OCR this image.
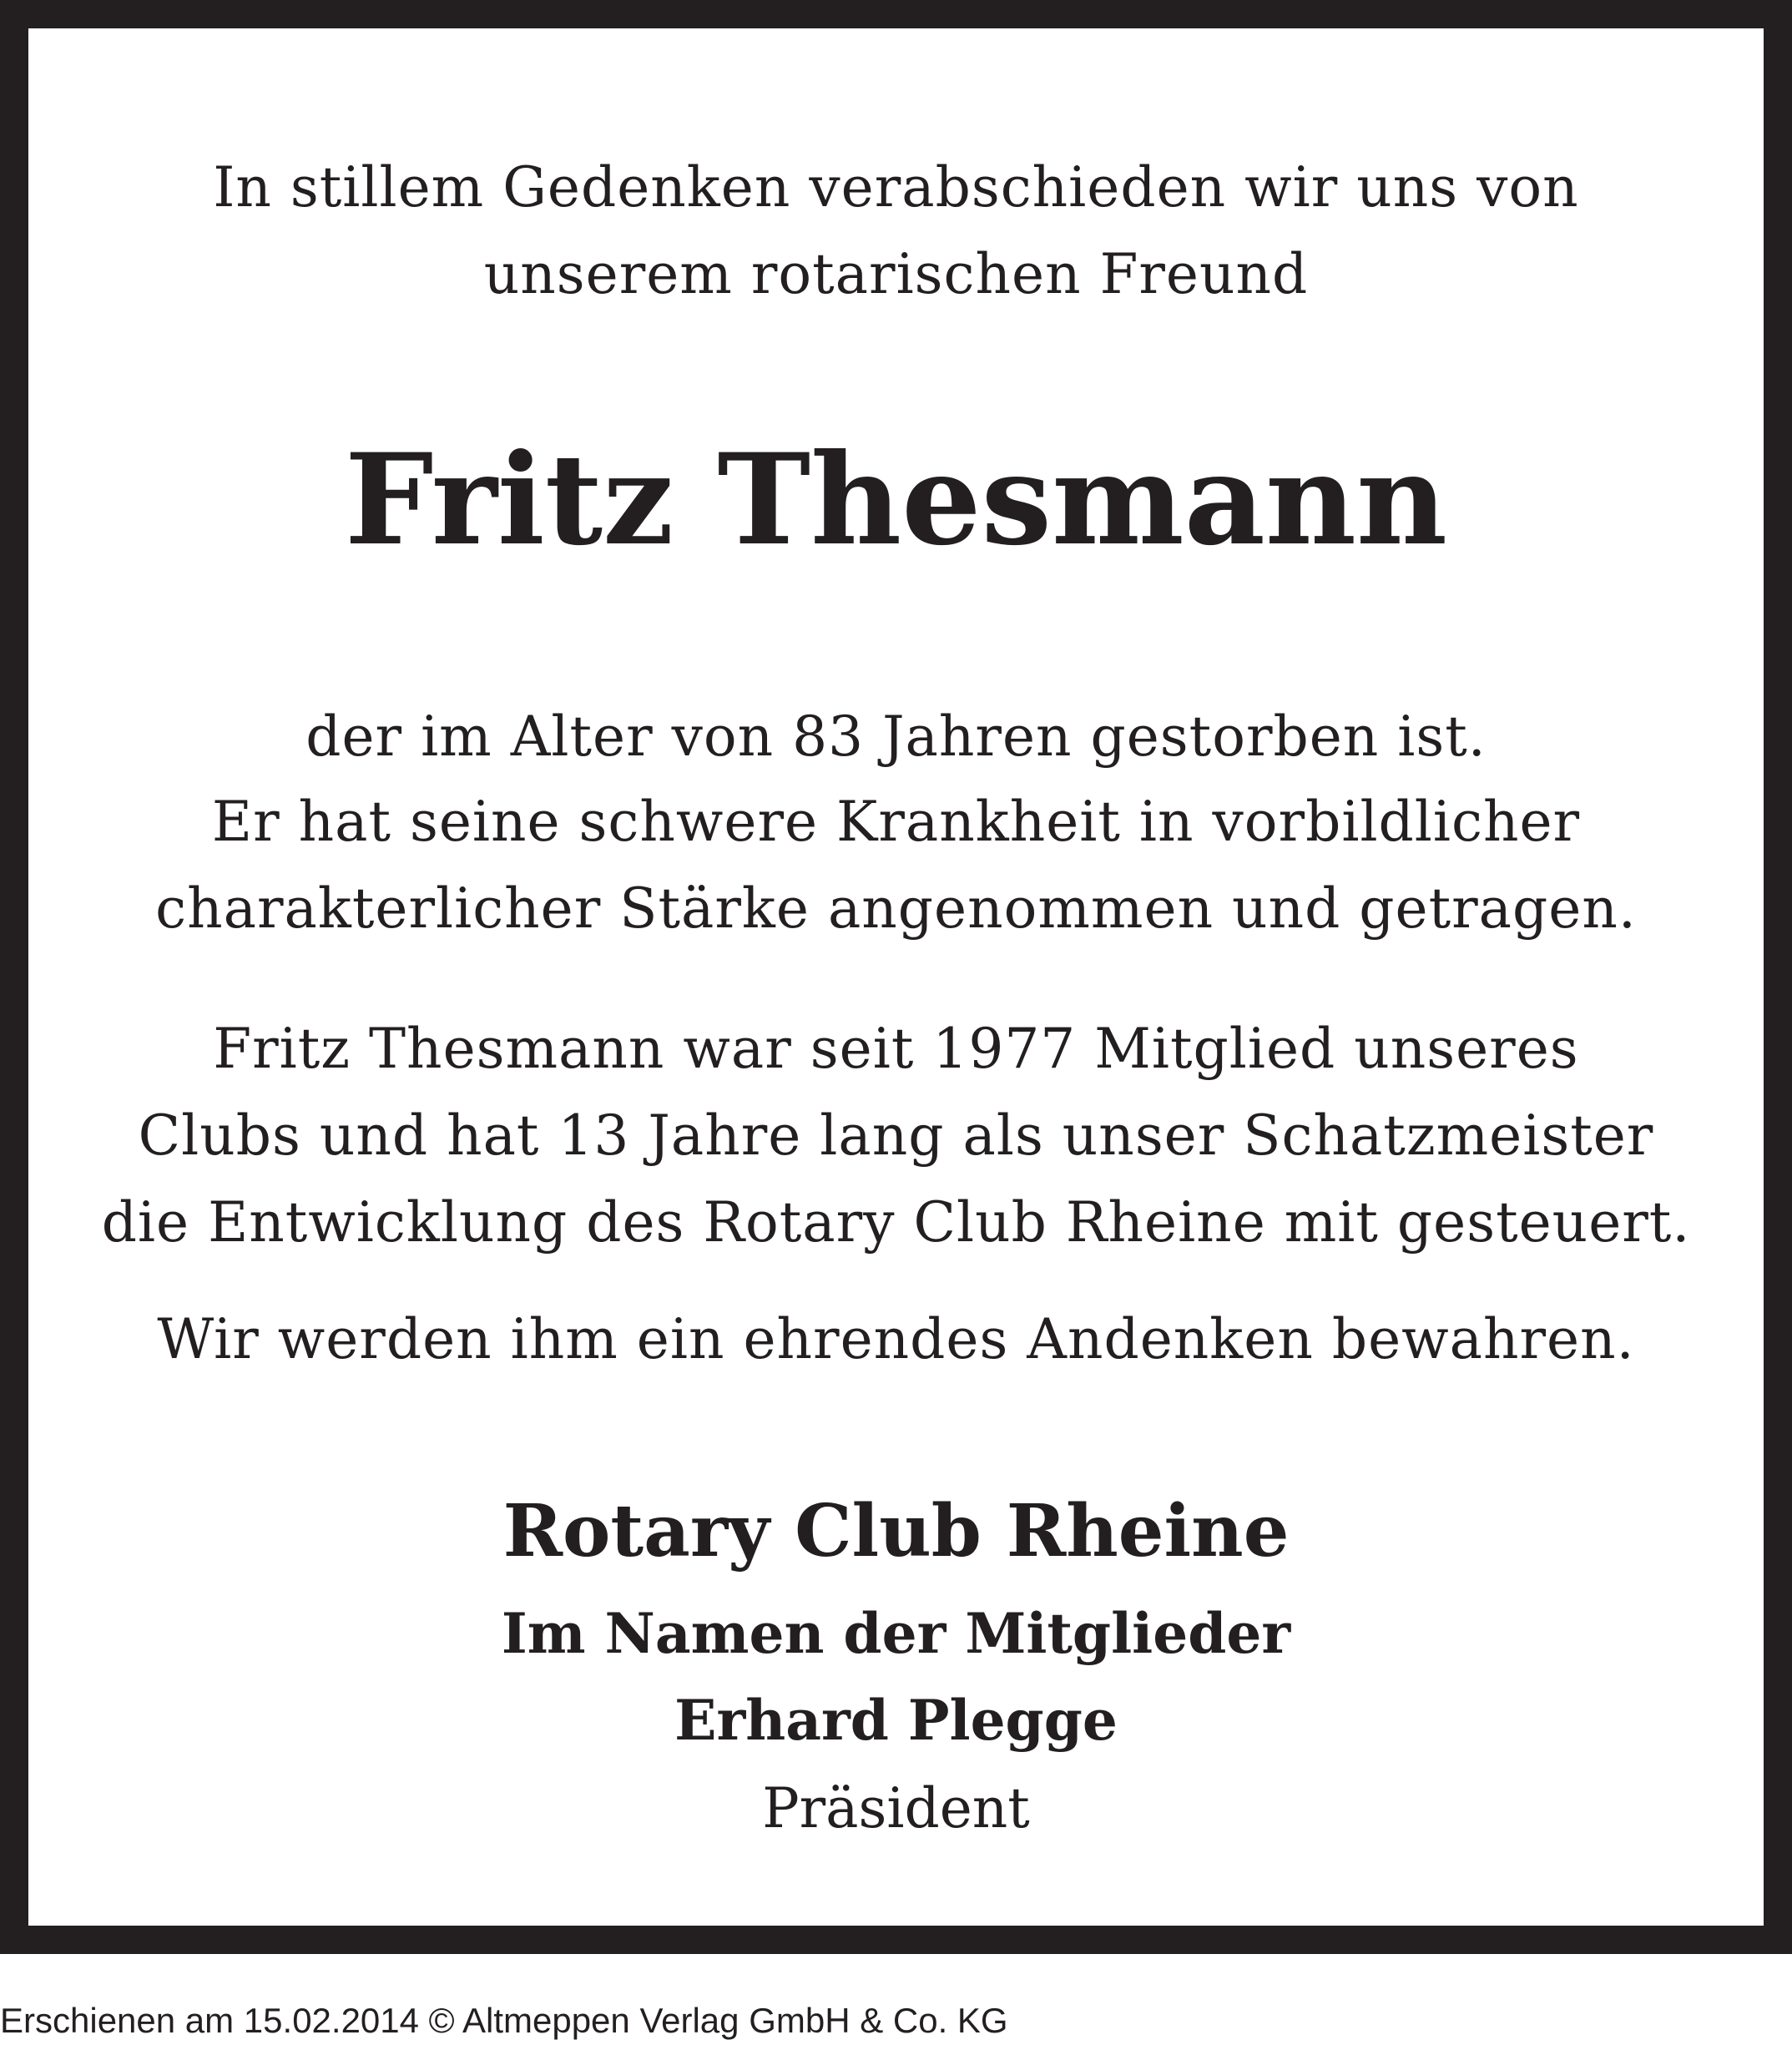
In stillem Gedenken verabschieden wir uns von
unserem rotarischen Freund
Fritz Thesmann
der im Alter von 83 Jahren gestorben ist.
Er hat seine schwere Krankheit in vorbildlicher
charakterlicher Stärke angenommen und getragen.
Fritz Thesmann war seit 1977 Mitglied unseres
Clubs und hat 13 Jahre lang als unser Schatzmeister
die Entwicklung des Rotary Club Rheine mit gesteuert.
Wir werden ihm ein ehrendes Andenken bewahren.
Rotary Club Rheine
Im Namen der Mitglieder
Erhard Plegge
Präsident
Erschienen am 15.02.2014 © Altmeppen Verlag GmbH & Co. KG
